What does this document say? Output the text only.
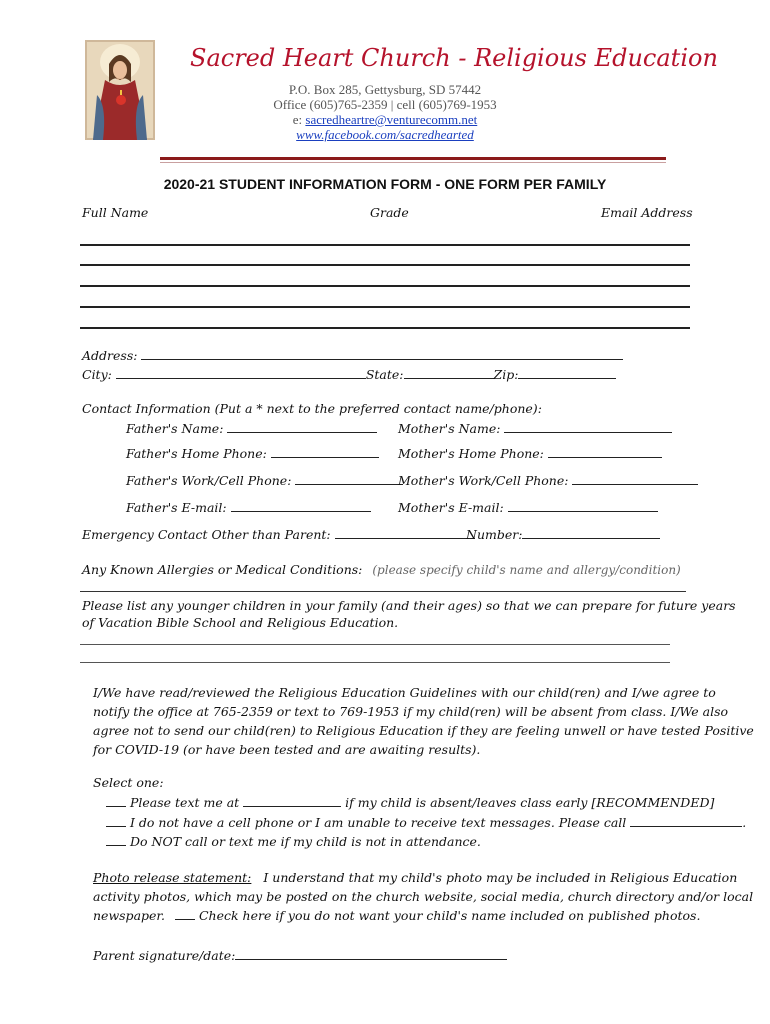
Sacred Heart Church - Religious Education
P.O. Box 285, Gettysburg, SD 57442
Office (605)765-2359 | cell (605)769-1953
e: sacredheartre@venturecomm.net
www.facebook.com/sacredhearted
2020-21 STUDENT INFORMATION FORM - ONE FORM PER FAMILY
Full Name	Grade	Email Address
Address:
City:	State:	Zip:
Contact Information (Put a * next to the preferred contact name/phone):
Father's Name:	Mother's Name:
Father's Home Phone:	Mother's Home Phone:
Father's Work/Cell Phone:	Mother's Work/Cell Phone:
Father's E-mail:	Mother's E-mail:
Emergency Contact Other than Parent:	Number:
Any Known Allergies or Medical Conditions: (please specify child's name and allergy/condition)
Please list any younger children in your family (and their ages) so that we can prepare for future years
of Vacation Bible School and Religious Education.
I/We have read/reviewed the Religious Education Guidelines with our child(ren) and I/we agree to
notify the office at 765-2359 or text to 769-1953 if my child(ren) will be absent from class. I/We also
agree not to send our child(ren) to Religious Education if they are feeling unwell or have tested Positive
for COVID-19 (or have been tested and are awaiting results).
Select one:
Please text me at	if my child is absent/leaves class early [RECOMMENDED]
I do not have a cell phone or I am unable to receive text messages. Please call	.
Do NOT call or text me if my child is not in attendance.
Photo release statement: I understand that my child's photo may be included in Religious Education
activity photos, which may be posted on the church website, social media, church directory and/or local
newspaper.	Check here if you do not want your child's name included on published photos.
Parent signature/date:
